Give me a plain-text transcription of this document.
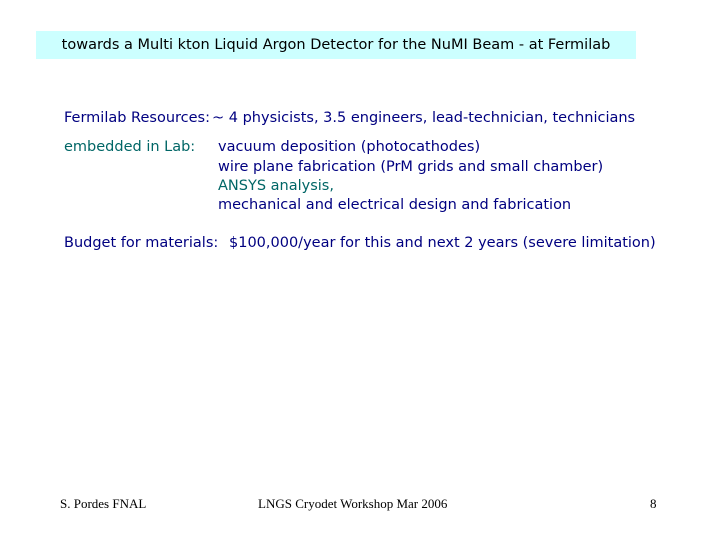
towards a Multi kton Liquid Argon Detector for the NuMI Beam - at Fermilab
Fermilab Resources: ~ 4 physicists, 3.5 engineers, lead-technician, technicians
embedded in Lab: vacuum deposition (photocathodes)
wire plane fabrication (PrM grids and small chamber)
ANSYS analysis,
mechanical and electrical design and fabrication
Budget for materials: $100,000/year for this and next 2 years (severe limitation)
S. Pordes FNAL	LNGS Cryodet Workshop Mar 2006	8
